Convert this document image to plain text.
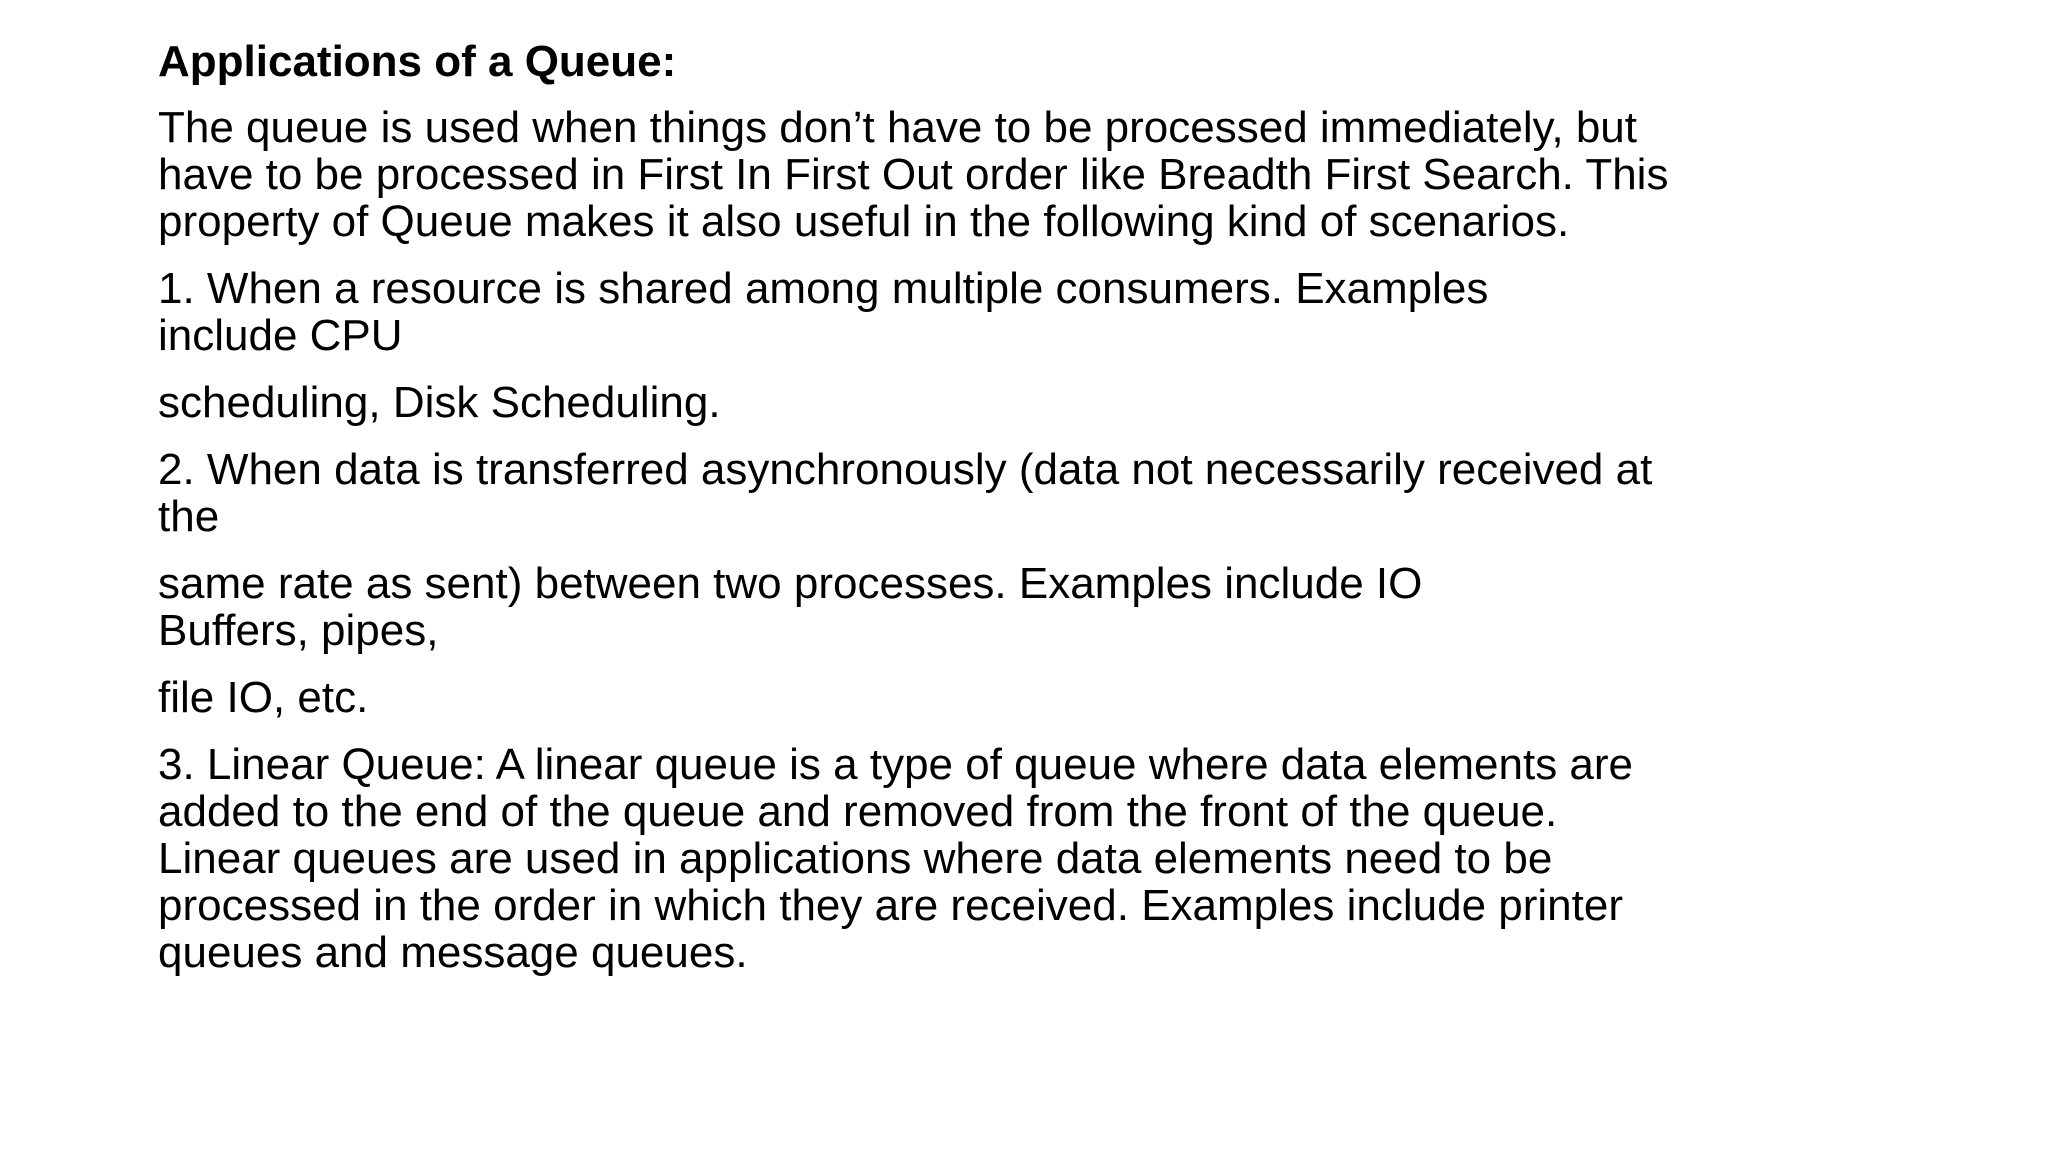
Applications of a Queue:
The queue is used when things don’t have to be processed immediately, but
have to be processed in First In First Out order like Breadth First Search. This
property of Queue makes it also useful in the following kind of scenarios.
1. When a resource is shared among multiple consumers. Examples
include CPU
scheduling, Disk Scheduling.
2. When data is transferred asynchronously (data not necessarily received at
the
same rate as sent) between two processes. Examples include IO
Buffers, pipes,
file IO, etc.
3. Linear Queue: A linear queue is a type of queue where data elements are
added to the end of the queue and removed from the front of the queue.
Linear queues are used in applications where data elements need to be
processed in the order in which they are received. Examples include printer
queues and message queues.
